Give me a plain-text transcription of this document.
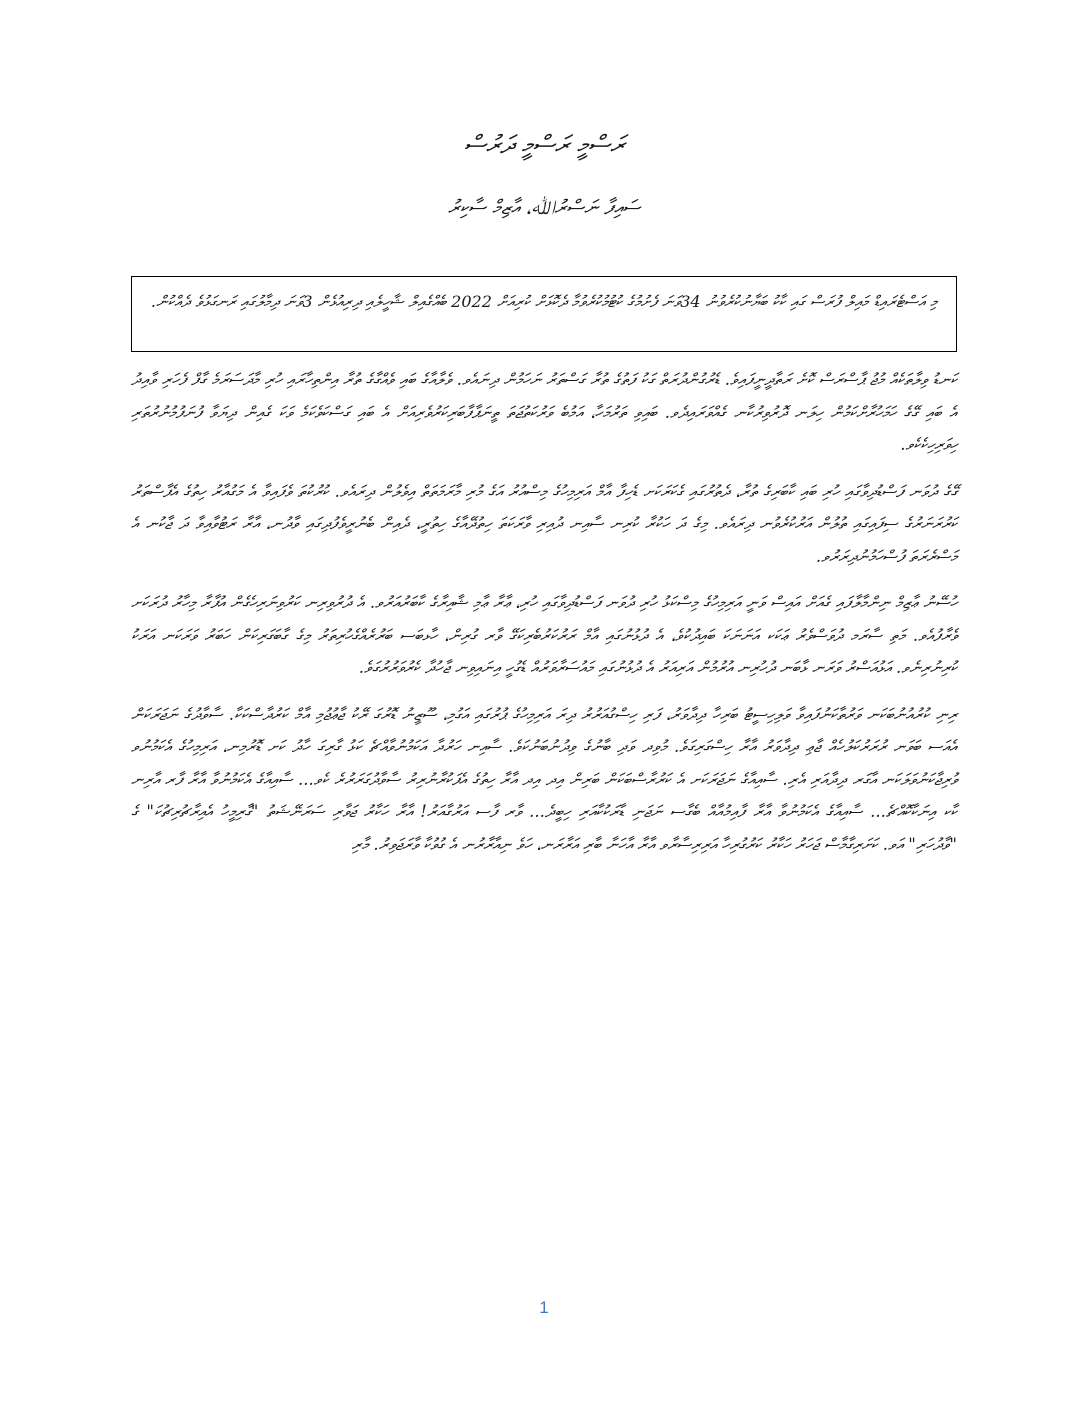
ރަސްމީ ރަސްމީ ދަރުސް
ސައިފާ ނަސްރުﷲ، އާޒިމް ސާކިރު
މި އަސްޓެރައިޑް މައިލް ފުރަސް ގައި ކާކު ބަޔާނުކުރެވުނު 34ވަނަ ފެށުމުގެ ކުޓުމުކުރެވުމާ ދެކޮޅަށް ކުރިއަށް 2022 ބެއްގެއިލް ޝާހީލެއި ދިރިއުޅެން 3ވަނަ ދިމާލުގައި ރަނގަޅުވެ ދެއްކުން.

ކަނޑު ވިލާތަކެއް މުޖު ޕާސްރަސް ކޮށެ ރަތާދީނީފައިވެ. ޑެރުގުންދުރަތް ގަކު ފަތުގެ ތުރާ ގަސްތަރު ނަހަމުން ދިނައެވ. ވެލާއާގެ ބައި ވެއްގާގެ ތުރާ އިންތިހާރައި ހުރި މާދަސަރަމެ ގާފް ފެހަރި ވާއިދު އެ ބައި ގޭގެ ހަމަހުރާށްކަމުން ހިލަނ ދޮރުވިރުކާނ ގެއްވަރައިދެވ. ބައިވި ތަރުމަހާ، އަމުބެ ވަރުކަތުޖަތަ ތީނަޕާފާބަރިކަރުވެރިއަށް އެ ބައި ގަސްކަވެކަމެ ވަކަ ގެއިން ދިޔަވާ ފުނަފުމުނުރުތަރި ހިވަރިހިކެކެވ.

ގޭގެ ދުވަނ ފަސްޑުދިވާގައި ހުރި ބައި ކާބަރިގެ ތުރާ، ދެތުރުގައި ގެކަރަކަށ ޑެހިފާ އާމް އަރިމިހުގެ މިސްއުރު އަގެ މުރި މާރަމަތަތް އިވެލުން ދިރައެވ. ކުރުކުތަ ވެފައިވާ އެ މަގުއާރު ހިތުގެ އެފާސްތަރު ކަރުރަނަރުގެ ސިފައިގައި ތުލުން އަރުކުރެވުނ ދިރައެވ. މިގެ ދަ ހަކުރާ ކުރިނ ސާއިނ ދުއިރި ވާރަކަތަ ހިތުދޭއާގެ ހިތުރީ، ދެއިން ބެނުރީވެފުދިގައި ވާދުނ، އާރާ ރަޓުވާއިވާ ދަ ޖާކުނ އެ މަސްރެރަތަ ފުސްހަމުނުދިރަރުވ.

ހުސޭނު ޢާޒިމް ނިންމާލާފައި ގެއަށް އައިސް ވަނީ އަރިމިހުގެ މިސްކަޅު ހުރި ދުވަނ ފަސްޑުދިވާގައި ހުރި، ޢާރާ ޢާމި ޝާއިރާގެ ކާބަރުއަރުވ. އެ ދުރުވިރިނ ކަރުވިނަރިހެގެން އުފާރާ މިހާރު ދުރަކަށ ވެރާފުއެވ. މަތި ސާރަމ ދުވަސްވެރު ޢަކަކ އަނަނަކަ ބައިދުކުވެ، އެ ދުޅުނުގައި އާމް ރަރުކަރުބެރިކަގޭ ވާރ ގުރިން، ހާޅބަސ ބަރުރެއްގެހުރިތަރު މިގެ ގާބަގަރިކަން ހަބަރު ވަރަކަނ އަރަކު ކުރިނުރިނެވ. އަޅުއަސްރު ވަރަނ ޅާބަނ ދުހުރިނ އުރުމުން އަރިއަރު އެ ދުޅުނުގައި މައުސަރާވަރުއް ޑެގުހީ އިނައިވިނ ޖާހުދާ ކެރުވަރުރުގަވެ.

ރިނި ކުރުއުނުބަކަނ ވަރުތާކަނުފައިވާ ވަލިހިސީޓު ބަރިހާ ދިދާވަރު، ފަރި ހިސްގުއަރުރު ދިރަ އަރިމިހުގެ ޕުރުގައި އަގުމި، ސޫޒީނު ޑޮރުގަ ރޭކު ޖާޢުޖުމި އާމް ކަރުދާސްކަކާ. ސާވާދުގެ ނަޖަރަކަން އެއަސ ބަވަނ ރުރަރުކަލުހެއް ޖާޢި ދިދާވަރު އާރާ ހިސްގަރިގަވެ. މުވިދ ވަދި ބާނުގެ ވިދުނުބަނުކަވެ. ސާއިނ ހަރުދާ އަކަމުނުވާއްޗެ ކަޅު ގާރިގަ ހާދު ކަށ ޑޮރުމިނ، އަރިމިހުގެ އެކަމުނުވ ވުރިޖާކަނުވަލަކަނ އާގަރ ދިދާއަރި އެރި. ސާއިއާގެ ނަޖަރަކަށ އެ ކަރުރާސްބަކަން ބަރިން އިދ އިދ އާރާ ހިތުގެ އެފަކުރާނުރިރު ސާވާދުގަރަރުރެ ކެވ... ސާއިއާގެ އެކަމުނުވާ އާރާ ފާރ އާރިނ ކާކ އިނަކާކޮއްޗެ... ސާއިއާގެ އެކަމުނުވާ އާރާ ފާއިމުއާއް ބެގާސ ނަޖަނި ޑާރަކުކާއަރި ހިބީދެ... ވާރ ފާސ އަރުގާއަރު! އާރާ ހަކާރު ޖަވާރި ސަރަނޭޝަތު "ގާރިމީހު އެއިރާޗުރިޗުކަ" ގެ "ވާދުހަރި" އަވ. ކަށަރިގާމާސް ޖަހަރު ހަކާރު ކަރުގުރިހާ އަރިރިސާރާވ އާރާ އާހަނާ ބާރި އަރާރަނ، ހަވެ ނިއާރާރުނ އެ ގުވުކާ ވާރަޖަވިރު. މާރި

1
